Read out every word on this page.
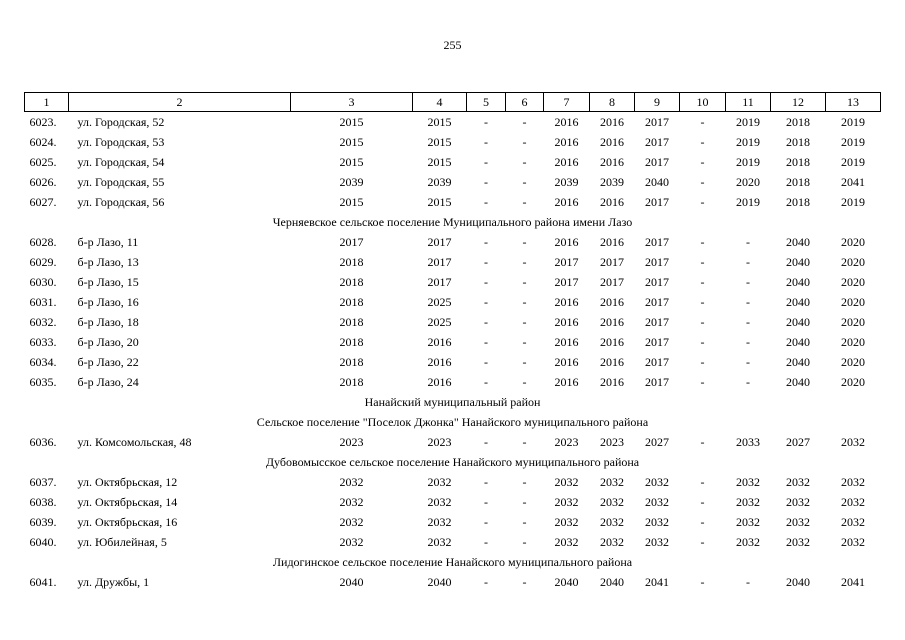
255
1	2	3	4	5	6	7	8	9	10	11	12	13
6023.	ул. Городская, 52	2015	2015	-	-	2016	2016	2017	-	2019	2018	2019
6024.	ул. Городская, 53	2015	2015	-	-	2016	2016	2017	-	2019	2018	2019
6025.	ул. Городская, 54	2015	2015	-	-	2016	2016	2017	-	2019	2018	2019
6026.	ул. Городская, 55	2039	2039	-	-	2039	2039	2040	-	2020	2018	2041
6027.	ул. Городская, 56	2015	2015	-	-	2016	2016	2017	-	2019	2018	2019
Черняевское сельское поселение Муниципального района имени Лазо												
6028.	б-р Лазо, 11	2017	2017	-	-	2016	2016	2017	-	-	2040	2020
6029.	б-р Лазо, 13	2018	2017	-	-	2017	2017	2017	-	-	2040	2020
6030.	б-р Лазо, 15	2018	2017	-	-	2017	2017	2017	-	-	2040	2020
6031.	б-р Лазо, 16	2018	2025	-	-	2016	2016	2017	-	-	2040	2020
6032.	б-р Лазо, 18	2018	2025	-	-	2016	2016	2017	-	-	2040	2020
6033.	б-р Лазо, 20	2018	2016	-	-	2016	2016	2017	-	-	2040	2020
6034.	б-р Лазо, 22	2018	2016	-	-	2016	2016	2017	-	-	2040	2020
6035.	б-р Лазо, 24	2018	2016	-	-	2016	2016	2017	-	-	2040	2020
Нанайский муниципальный район												
Сельское поселение "Поселок Джонка" Нанайского муниципального района												
6036.	ул. Комсомольская, 48	2023	2023	-	-	2023	2023	2027	-	2033	2027	2032
Дубовомысское сельское поселение Нанайского муниципального района												
6037.	ул. Октябрьская, 12	2032	2032	-	-	2032	2032	2032	-	2032	2032	2032
6038.	ул. Октябрьская, 14	2032	2032	-	-	2032	2032	2032	-	2032	2032	2032
6039.	ул. Октябрьская, 16	2032	2032	-	-	2032	2032	2032	-	2032	2032	2032
6040.	ул. Юбилейная, 5	2032	2032	-	-	2032	2032	2032	-	2032	2032	2032
Лидогинское сельское поселение Нанайского муниципального района												
6041.	ул. Дружбы, 1	2040	2040	-	-	2040	2040	2041	-	-	2040	2041
